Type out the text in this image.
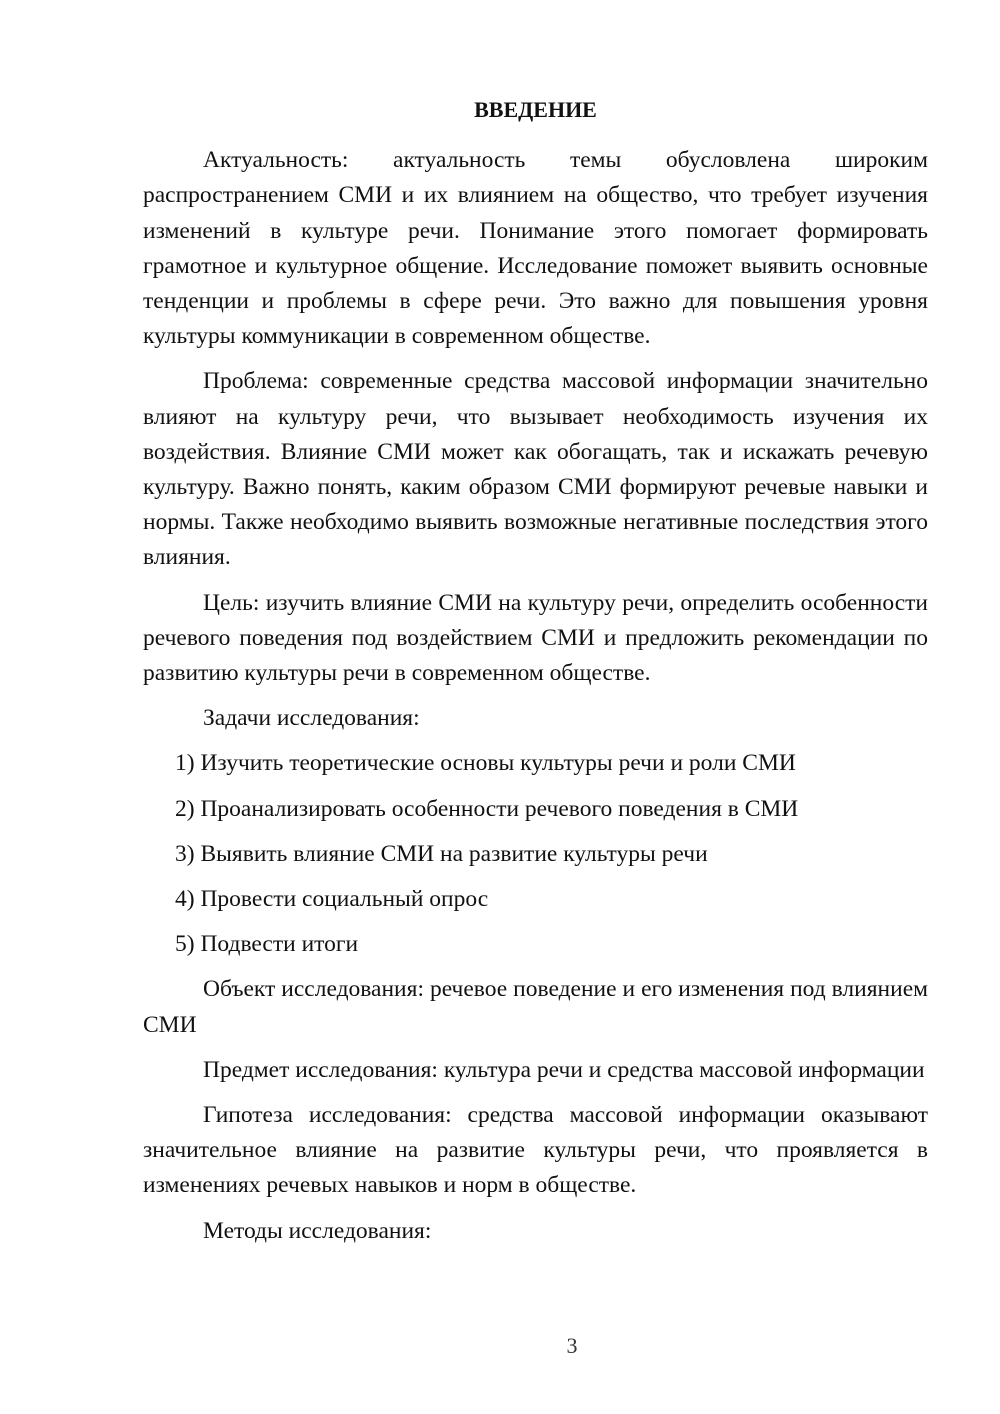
ВВЕДЕНИЕ

Актуальность: актуальность темы обусловлена широким распространением СМИ и их влиянием на общество, что требует изучения изменений в культуре речи. Понимание этого помогает формировать грамотное и культурное общение. Исследование поможет выявить основные тенденции и проблемы в сфере речи. Это важно для повышения уровня культуры коммуникации в современном обществе.

Проблема: современные средства массовой информации значительно влияют на культуру речи, что вызывает необходимость изучения их воздействия. Влияние СМИ может как обогащать, так и искажать речевую культуру. Важно понять, каким образом СМИ формируют речевые навыки и нормы. Также необходимо выявить возможные негативные последствия этого влияния.

Цель: изучить влияние СМИ на культуру речи, определить особенности речевого поведения под воздействием СМИ и предложить рекомендации по развитию культуры речи в современном обществе.

Задачи исследования:

1) Изучить теоретические основы культуры речи и роли СМИ

2) Проанализировать особенности речевого поведения в СМИ

3) Выявить влияние СМИ на развитие культуры речи

4) Провести социальный опрос

5) Подвести итоги

Объект исследования: речевое поведение и его изменения под влиянием СМИ

Предмет исследования: культура речи и средства массовой информации

Гипотеза исследования: средства массовой информации оказывают значительное влияние на развитие культуры речи, что проявляется в изменениях речевых навыков и норм в обществе.

Методы исследования:

3
